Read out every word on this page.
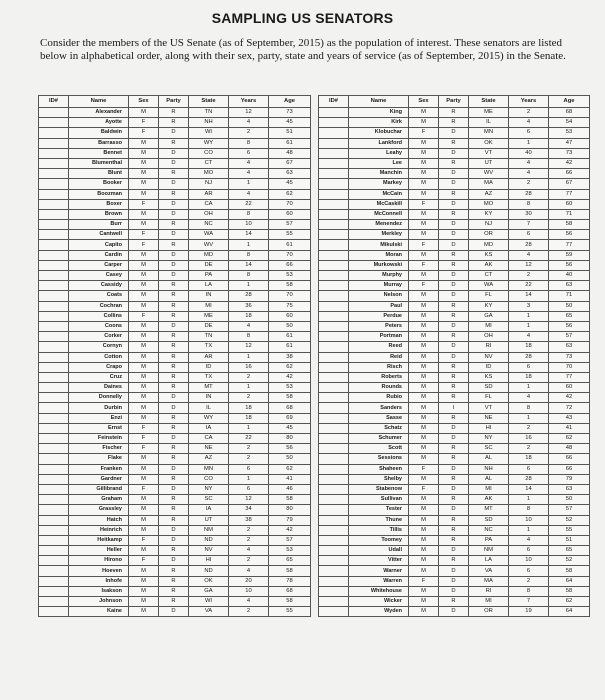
SAMPLING US SENATORS
Consider the members of the US Senate (as of September, 2015) as the population of interest. These senators are listed below in alphabetical order, along with their sex, party, state and years of service (as of September, 2015) in the Senate.
ID#	Name	Sex	Party	State	Years	Age
	Alexander	M	R	TN	12	73
	Ayotte	F	R	NH	4	45
	Baldwin	F	D	WI	2	51
	Barrasso	M	R	WY	8	61
	Bennet	M	D	CO	6	48
	Blumenthal	M	D	CT	4	67
	Blunt	M	R	MO	4	63
	Booker	M	D	NJ	1	45
	Boozman	M	R	AR	4	62
	Boxer	F	D	CA	22	70
	Brown	M	D	OH	8	60
	Burr	M	R	NC	10	57
	Cantwell	F	D	WA	14	55
	Capito	F	R	WV	1	61
	Cardin	M	D	MD	8	70
	Carper	M	D	DE	14	66
	Casey	M	D	PA	8	53
	Cassidy	M	R	LA	1	58
	Coats	M	R	IN	28	70
	Cochran	M	R	MI	36	75
	Collins	F	R	ME	18	60
	Coons	M	D	DE	4	50
	Corker	M	R	TN	8	61
	Cornyn	M	R	TX	12	61
	Cotton	M	R	AR	1	38
	Crapo	M	R	ID	16	62
	Cruz	M	R	TX	2	42
	Daines	M	R	MT	1	53
	Donnelly	M	D	IN	2	58
	Durbin	M	D	IL	18	68
	Enzi	M	R	WY	18	69
	Ernst	F	R	IA	1	45
	Feinstein	F	D	CA	22	80
	Fischer	F	R	NE	2	56
	Flake	M	R	AZ	2	50
	Franken	M	D	MN	6	62
	Gardner	M	R	CO	1	41
	Gillibrand	F	D	NY	6	46
	Graham	M	R	SC	12	58
	Grassley	M	R	IA	34	80
	Hatch	M	R	UT	38	79
	Heinrich	M	D	NM	2	42
	Heitkamp	F	D	ND	2	57
	Heller	M	R	NV	4	53
	Hirono	F	D	HI	2	65
	Hoeven	M	R	ND	4	58
	Inhofe	M	R	OK	20	78
	Isakson	M	R	GA	10	68
	Johnson	M	R	WI	4	58
	Kaine	M	D	VA	2	55
ID#	Name	Sex	Party	State	Years	Age
	King	M	R	ME	2	68
	Kirk	M	R	IL	4	54
	Klobuchar	F	D	MN	6	53
	Lankford	M	R	OK	1	47
	Leahy	M	D	VT	40	73
	Lee	M	R	UT	4	42
	Manchin	M	D	WV	4	66
	Markey	M	D	MA	2	67
	McCain	M	R	AZ	28	77
	McCaskill	F	D	MO	8	60
	McConnell	M	R	KY	30	71
	Menendez	M	D	NJ	7	58
	Merkley	M	D	OR	6	56
	Mikulski	F	D	MD	28	77
	Moran	M	R	KS	4	59
	Murkowski	F	R	AK	12	56
	Murphy	M	D	CT	2	40
	Murray	F	D	WA	22	63
	Nelson	M	D	FL	14	71
	Paul	M	R	KY	3	50
	Perdue	M	R	GA	1	65
	Peters	M	D	MI	1	56
	Portman	M	R	OH	4	57
	Reed	M	D	RI	18	63
	Reid	M	D	NV	28	73
	Risch	M	R	ID	6	70
	Roberts	M	R	KS	18	77
	Rounds	M	R	SD	1	60
	Rubio	M	R	FL	4	42
	Sanders	M	I	VT	8	72
	Sasse	M	R	NE	1	43
	Schatz	M	D	HI	2	41
	Schumer	M	D	NY	16	62
	Scott	M	R	SC	2	48
	Sessions	M	R	AL	18	66
	Shaheen	F	D	NH	6	66
	Shelby	M	R	AL	28	79
	Stabenow	F	D	MI	14	63
	Sullivan	M	R	AK	1	50
	Tester	M	D	MT	8	57
	Thune	M	R	SD	10	52
	Tillis	M	R	NC	1	55
	Toomey	M	R	PA	4	51
	Udall	M	D	NM	6	65
	Vitter	M	R	LA	10	52
	Warner	M	D	VA	6	58
	Warren	F	D	MA	2	64
	Whitehouse	M	D	RI	8	58
	Wicker	M	R	MI	7	62
	Wyden	M	D	OR	19	64
